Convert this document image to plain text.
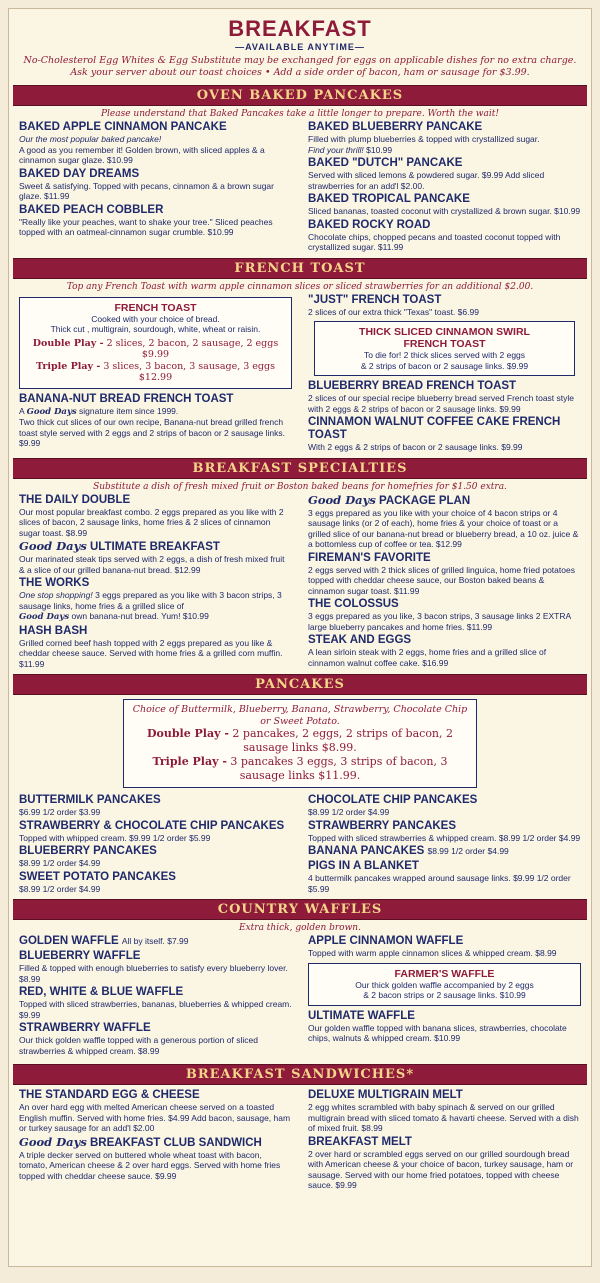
BREAKFAST
— AVAILABLE ANYTIME —
No-Cholesterol Egg Whites & Egg Substitute may be exchanged for eggs on applicable dishes for no extra charge.
Ask your server about our toast choices • Add a side order of bacon, ham or sausage for $3.99.
OVEN BAKED PANCAKES
Please understand that Baked Pancakes take a little longer to prepare. Worth the wait!
BAKED APPLE CINNAMON PANCAKE
Our the most popular baked pancake!
A good as you remember it! Golden brown, with sliced apples & a cinnamon sugar glaze. $10.99
BAKED DAY DREAMS
Sweet & satisfying. Topped with pecans, cinnamon & a brown sugar glaze. $11.99
BAKED PEACH COBBLER
"Really like your peaches, want to shake your tree." Sliced peaches topped with an oatmeal-cinnamon sugar crumble. $10.99
BAKED BLUEBERRY PANCAKE
Filled with plump blueberries & topped with crystallized sugar.
Find your thrill! $10.99
BAKED "DUTCH" PANCAKE
Served with sliced lemons & powdered sugar. $9.99 Add sliced strawberries for an add'l $2.00.
BAKED TROPICAL PANCAKE
Sliced bananas, toasted coconut with crystallized & brown sugar. $10.99
BAKED ROCKY ROAD
Chocolate chips, chopped pecans and toasted coconut topped with crystallized sugar. $11.99
FRENCH TOAST
Top any French Toast with warm apple cinnamon slices or sliced strawberries for an additional $2.00.
FRENCH TOAST
Cooked with your choice of bread.
Thick cut , multigrain, sourdough, white, wheat or raisin.
Double Play - 2 slices, 2 bacon, 2 sausage, 2 eggs $9.99
Triple Play - 3 slices, 3 bacon, 3 sausage, 3 eggs $12.99
BANANA-NUT BREAD FRENCH TOAST
A Good Days signature item since 1999.
Two thick cut slices of our own recipe, Banana-nut bread grilled french toast style served with 2 eggs and 2 strips of bacon or 2 sausage links. $9.99
"JUST" FRENCH TOAST
2 slices of our extra thick "Texas" toast. $6.99
THICK SLICED CINNAMON SWIRL
FRENCH TOAST
To die for! 2 thick slices served with 2 eggs
& 2 strips of bacon or 2 sausage links. $9.99
BLUEBERRY BREAD FRENCH TOAST
2 slices of our special recipe blueberry bread served French toast style with 2 eggs & 2 strips of bacon or 2 sausage links. $9.99
CINNAMON WALNUT COFFEE CAKE FRENCH TOAST
With 2 eggs & 2 strips of bacon or 2 sausage links. $9.99
BREAKFAST SPECIALTIES
Substitute a dish of fresh mixed fruit or Boston baked beans for homefries for $1.50 extra.
THE DAILY DOUBLE
Our most popular breakfast combo. 2 eggs prepared as you like with 2 slices of bacon, 2 sausage links, home fries & 2 slices of cinnamon sugar toast. $8.99
Good Days ULTIMATE BREAKFAST
Our marinated steak tips served with 2 eggs, a dish of fresh mixed fruit & a slice of our grilled banana-nut bread. $12.99
THE WORKS
One stop shopping! 3 eggs prepared as you like with 3 bacon strips, 3 sausage links, home fries & a grilled slice of
Good Days own banana-nut bread. Yum! $10.99
HASH BASH
Grilled corned beef hash topped with 2 eggs prepared as you like & cheddar cheese sauce. Served with home fries & a grilled corn muffin. $11.99
Good Days PACKAGE PLAN
3 eggs prepared as you like with your choice of 4 bacon strips or 4 sausage links (or 2 of each), home fries & your choice of toast or a grilled slice of our banana-nut bread or blueberry bread, a 10 oz. juice & a bottomless cup of coffee or tea. $12.99
FIREMAN'S FAVORITE
2 eggs served with 2 thick slices of grilled linguica, home fried potatoes topped with cheddar cheese sauce, our Boston baked beans & cinnamon sugar toast. $11.99
THE COLOSSUS
3 eggs prepared as you like, 3 bacon strips, 3 sausage links 2 EXTRA large blueberry pancakes and home fries. $11.99
STEAK AND EGGS
A lean sirloin steak with 2 eggs, home fries and a grilled slice of cinnamon walnut coffee cake. $16.99
PANCAKES
Choice of Buttermilk, Blueberry, Banana, Strawberry, Chocolate Chip or Sweet Potato.
Double Play - 2 pancakes, 2 eggs, 2 strips of bacon, 2 sausage links $8.99.
Triple Play - 3 pancakes 3 eggs, 3 strips of bacon, 3 sausage links $11.99.
BUTTERMILK PANCAKES
$6.99 1/2 order $3.99
STRAWBERRY & CHOCOLATE CHIP PANCAKES
Topped with whipped cream. $9.99 1/2 order $5.99
BLUEBERRY PANCAKES
$8.99 1/2 order $4.99
SWEET POTATO PANCAKES
$8.99 1/2 order $4.99
CHOCOLATE CHIP PANCAKES
$8.99 1/2 order $4.99
STRAWBERRY PANCAKES
Topped with sliced strawberries & whipped cream. $8.99 1/2 order $4.99
BANANA PANCAKES $8.99 1/2 order $4.99
PIGS IN A BLANKET
4 buttermilk pancakes wrapped around sausage links. $9.99 1/2 order $5.99
COUNTRY WAFFLES
Extra thick, golden brown.
GOLDEN WAFFLE All by itself. $7.99
BLUEBERRY WAFFLE
Filled & topped with enough blueberries to satisfy every blueberry lover. $8.99
RED, WHITE & BLUE WAFFLE
Topped with sliced strawberries, bananas, blueberries & whipped cream. $9.99
STRAWBERRY WAFFLE
Our thick golden waffle topped with a generous portion of sliced strawberries & whipped cream. $8.99
APPLE CINNAMON WAFFLE
Topped with warm apple cinnamon slices & whipped cream. $8.99
FARMER'S WAFFLE
Our thick golden waffle accompanied by 2 eggs
& 2 bacon strips or 2 sausage links. $10.99
ULTIMATE WAFFLE
Our golden waffle topped with banana slices, strawberries, chocolate chips, walnuts & whipped cream. $10.99
BREAKFAST SANDWICHES*
THE STANDARD EGG & CHEESE
An over hard egg with melted American cheese served on a toasted English muffin. Served with home fries. $4.99 Add bacon, sausage, ham or turkey sausage for an add'l $2.00
Good Days BREAKFAST CLUB SANDWICH
A triple decker served on buttered whole wheat toast with bacon, tomato, American cheese & 2 over hard eggs. Served with home fries topped with cheddar cheese sauce. $9.99
DELUXE MULTIGRAIN MELT
2 egg whites scrambled with baby spinach & served on our grilled multigrain bread with sliced tomato & havarti cheese. Served with a dish of mixed fruit. $8.99
BREAKFAST MELT
2 over hard or scrambled eggs served on our grilled sourdough bread with American cheese & your choice of bacon, turkey sausage, ham or sausage. Served with our home fried potatoes, topped with cheese sauce. $9.99
